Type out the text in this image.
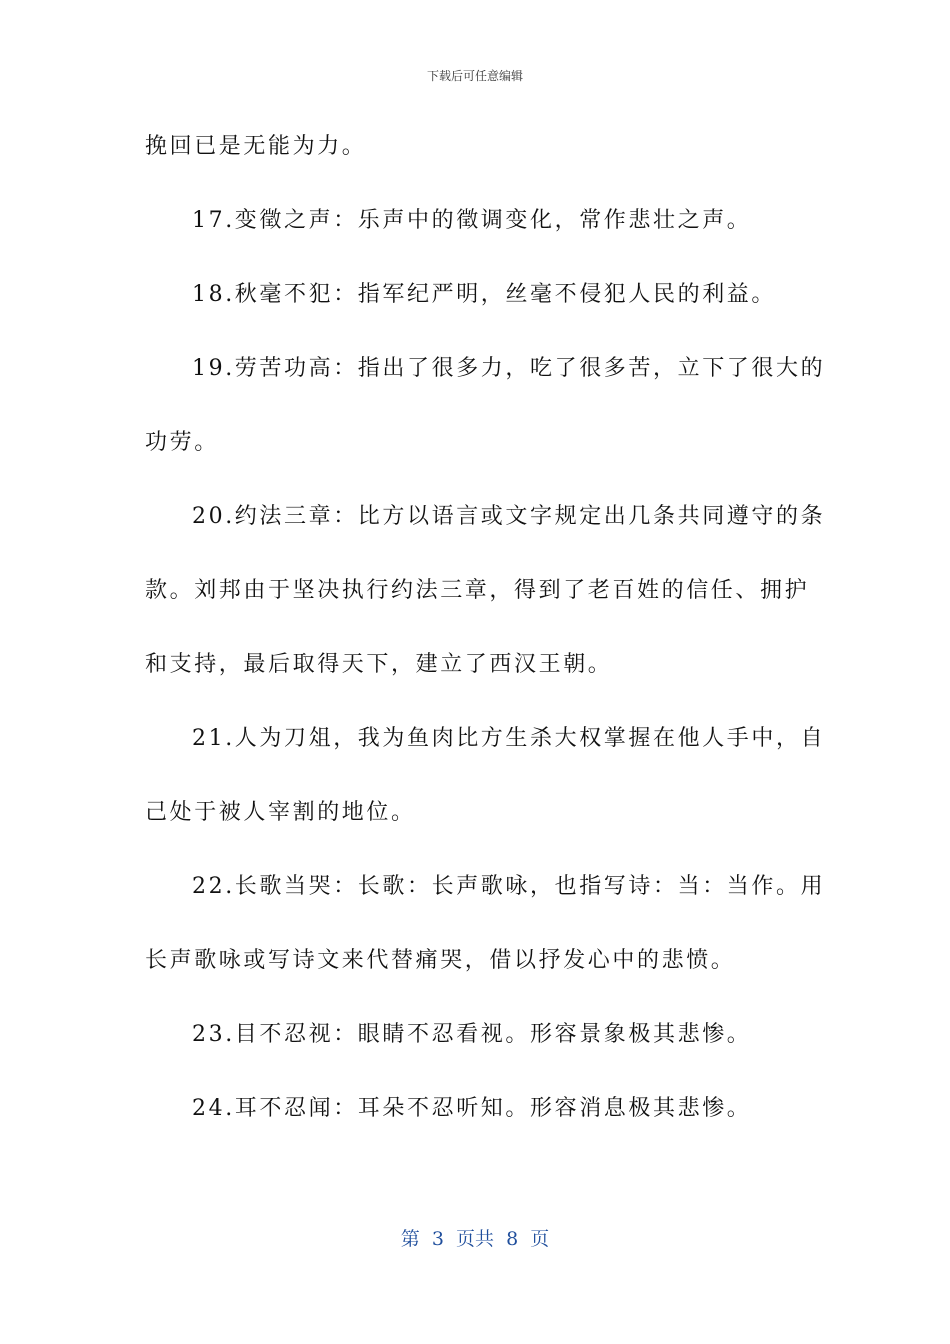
下载后可任意编辑
挽回已是无能为力。
17.变徵之声：乐声中的徵调变化，常作悲壮之声。
18.秋毫不犯：指军纪严明，丝毫不侵犯人民的利益。
19.劳苦功高：指出了很多力，吃了很多苦，立下了很大的
功劳。
20.约法三章：比方以语言或文字规定出几条共同遵守的条
款。刘邦由于坚决执行约法三章，得到了老百姓的信任、拥护
和支持，最后取得天下，建立了西汉王朝。
21.人为刀俎，我为鱼肉比方生杀大权掌握在他人手中，自
己处于被人宰割的地位。
22.长歌当哭：长歌：长声歌咏，也指写诗：当：当作。用
长声歌咏或写诗文来代替痛哭，借以抒发心中的悲愤。
23.目不忍视：眼睛不忍看视。形容景象极其悲惨。
24.耳不忍闻：耳朵不忍听知。形容消息极其悲惨。
第  3  页共  8  页
